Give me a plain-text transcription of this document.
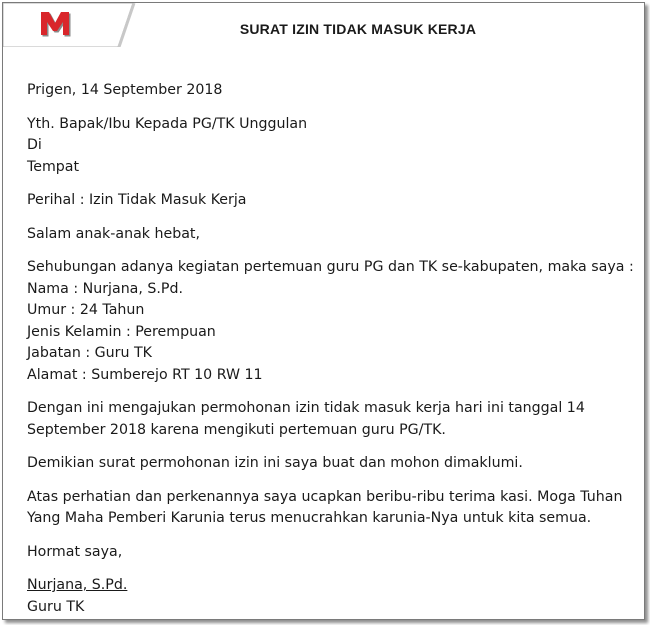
SURAT IZIN TIDAK MASUK KERJA

Prigen, 14 September 2018

Yth. Bapak/Ibu Kepada PG/TK Unggulan

Di

Tempat

Perihal : Izin Tidak Masuk Kerja

Salam anak-anak hebat,

Sehubungan adanya kegiatan pertemuan guru PG dan TK se-kabupaten, maka saya :

Nama : Nurjana, S.Pd.

Umur : 24 Tahun

Jenis Kelamin : Perempuan

Jabatan : Guru TK

Alamat : Sumberejo RT 10 RW 11

Dengan ini mengajukan permohonan izin tidak masuk kerja hari ini tanggal 14

September 2018 karena mengikuti pertemuan guru PG/TK.

Demikian surat permohonan izin ini saya buat dan mohon dimaklumi.

Atas perhatian dan perkenannya saya ucapkan beribu-ribu terima kasi. Moga Tuhan

Yang Maha Pemberi Karunia terus menucrahkan karunia-Nya untuk kita semua.

Hormat saya,

Nurjana, S.Pd.

Guru TK
